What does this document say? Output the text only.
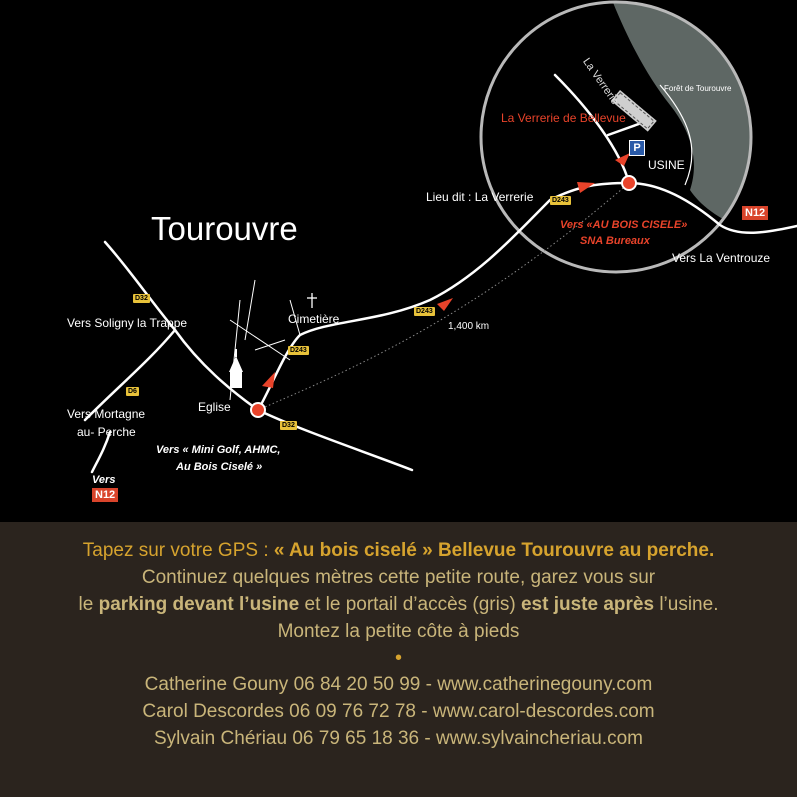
P
Tourouvre
La Verrerie	Forêt de Tourouvre
La Verrerie de Bellevue
USINE
Lieu dit : La Verrerie
Vers «AU BOIS CISELE»
SNA Bureaux
Vers La Ventrouze
1,400 km
Cimetière
Vers Soligny la Trappe
Vers Mortagne
au- Perche
Eglise
Vers « Mini Golf, AHMC,
Au Bois Ciselé »
Vers
D243
D243
D243
D32
D32
D6
N12
N12
Tapez sur votre GPS : « Au bois ciselé » Bellevue Tourouvre au perche.
Continuez quelques mètres cette petite route, garez vous sur
le parking devant l’usine et le portail d’accès (gris) est juste après l’usine.
Montez la petite côte à pieds
•
Catherine Gouny 06 84 20 50 99 - www.catherinegouny.com
Carol Descordes 06 09 76 72 78 - www.carol-descordes.com
Sylvain Chériau 06 79 65 18 36 - www.sylvaincheriau.com
